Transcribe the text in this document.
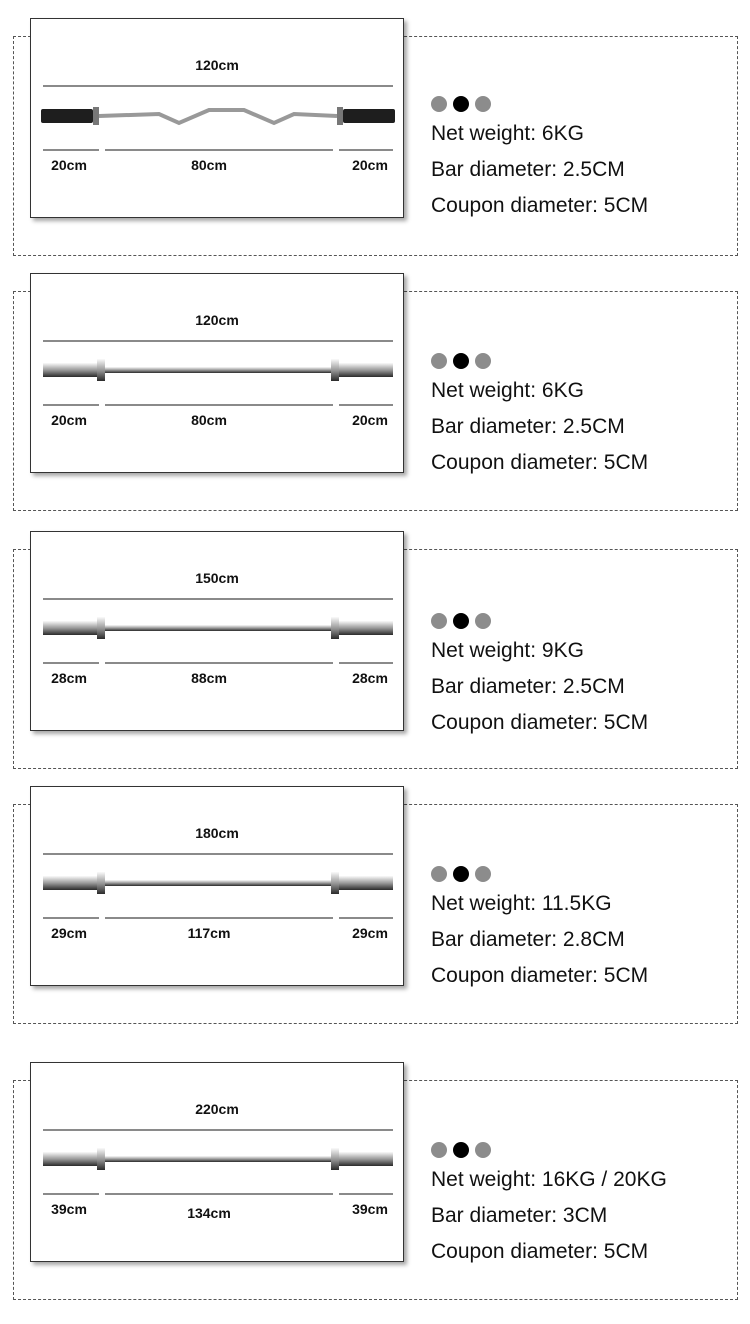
120cm
20cm	80cm	20cm
Net weight: 6KG
Bar diameter: 2.5CM
Coupon diameter: 5CM
120cm
20cm	80cm	20cm
Net weight: 6KG
Bar diameter: 2.5CM
Coupon diameter: 5CM
150cm
28cm	88cm	28cm
Net weight: 9KG
Bar diameter: 2.5CM
Coupon diameter: 5CM
180cm
29cm	117cm	29cm
Net weight: 11.5KG
Bar diameter: 2.8CM
Coupon diameter: 5CM
220cm
39cm	134cm	39cm
Net weight: 16KG / 20KG
Bar diameter: 3CM
Coupon diameter: 5CM
